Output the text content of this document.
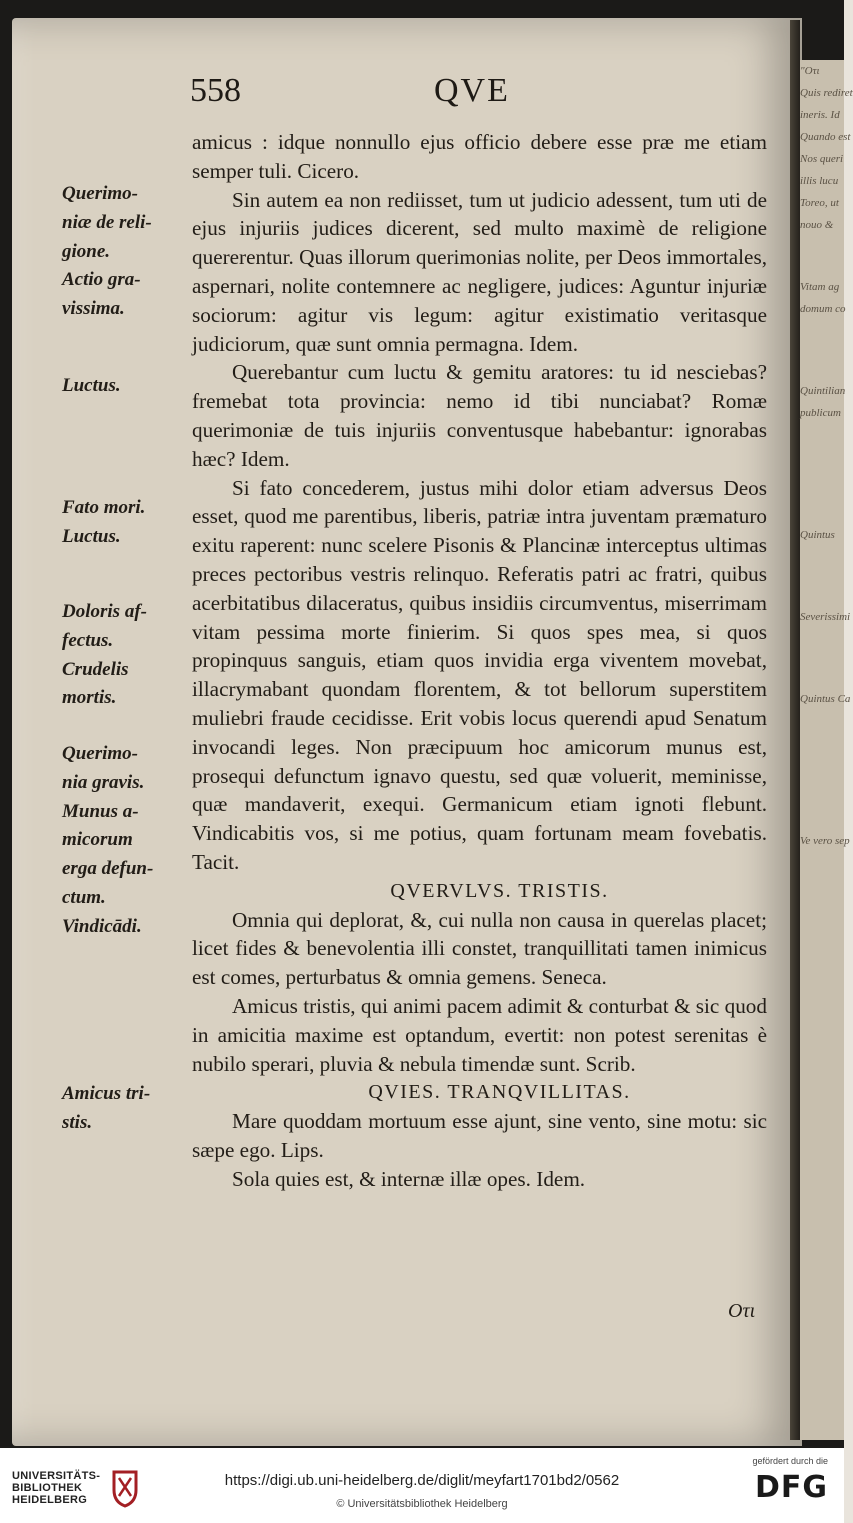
"Oτι
Quis rediret
ineris. Id
Quando est
Nos queri
illis lucu
Toreo, ut
nouo &
Vitam ag
domum co
Quintilian
publicum
Quintus
Severissimi
Quintus Ca
Ve vero sep
558	QVE
Querimo-
niæ de reli-
gione.
Actio gra-
vissima.
Luctus.
Fato mori.
Luctus.
Doloris af-
fectus.
Crudelis
mortis.
Querimo-
nia gravis.
Munus a-
micorum
erga defun-
ctum.
Vindicādi.
Amicus tri-
stis.

amicus : idque nonnullo ejus officio debere esse præ me etiam semper tuli. Cicero.

Sin autem ea non rediisset, tum ut judicio adessent, tum uti de ejus injuriis judices dicerent, sed multo maximè de religione quererentur. Quas illorum querimonias nolite, per Deos immortales, aspernari, nolite contemnere ac negligere, judices: Aguntur injuriæ sociorum: agitur vis legum: agitur existimatio veritasque judiciorum, quæ sunt omnia permagna. Idem.

Querebantur cum luctu & gemitu aratores: tu id nesciebas? fremebat tota provincia: nemo id tibi nunciabat? Romæ querimoniæ de tuis injuriis conventusque habebantur: ignorabas hæc? Idem.

Si fato concederem, justus mihi dolor etiam adversus Deos esset, quod me parentibus, liberis, patriæ intra juventam præmaturo exitu raperent: nunc scelere Pisonis & Plancinæ interceptus ultimas preces pectoribus vestris relinquo. Referatis patri ac fratri, quibus acerbitatibus dilaceratus, quibus insidiis circumventus, miserrimam vitam pessima morte finierim. Si quos spes mea, si quos propinquus sanguis, etiam quos invidia erga viventem movebat, illacrymabant quondam florentem, & tot bellorum superstitem muliebri fraude cecidisse. Erit vobis locus querendi apud Senatum invocandi leges. Non præcipuum hoc amicorum munus est, prosequi defunctum ignavo questu, sed quæ voluerit, meminisse, quæ mandaverit, exequi. Germanicum etiam ignoti flebunt. Vindicabitis vos, si me potius, quam fortunam meam fovebatis. Tacit.

QVERVLVS. TRISTIS.

Omnia qui deplorat, &, cui nulla non causa in querelas placet; licet fides & benevolentia illi constet, tranquillitati tamen inimicus est comes, perturbatus & omnia gemens. Seneca.

Amicus tristis, qui animi pacem adimit & conturbat & sic quod in amicitia maxime est optandum, evertit: non potest serenitas è nubilo sperari, pluvia & nebula timendæ sunt. Scrib.

QVIES. TRANQVILLITAS.

Mare quoddam mortuum esse ajunt, sine vento, sine motu: sic sæpe ego. Lips.

Sola quies est, & internæ illæ opes. Idem.

Oτι
UNIVERSITÄTS-
BIBLIOTHEK
HEIDELBERG
https://digi.ub.uni-heidelberg.de/diglit/meyfart1701bd2/0562
© Universitätsbibliothek Heidelberg
gefördert durch die
DFG
